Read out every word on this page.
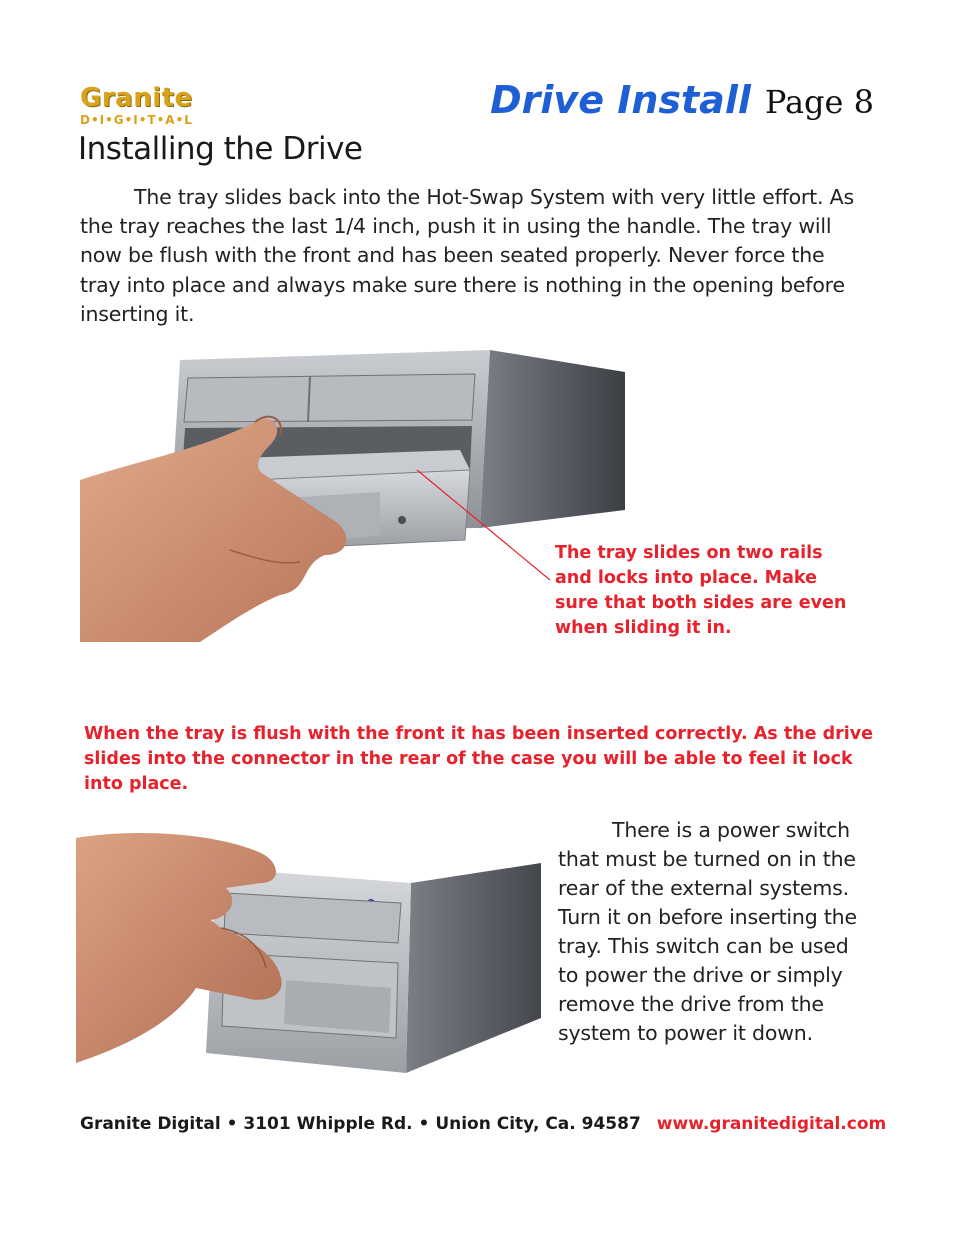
Granite
D•I•G•I•T•A•L	Drive Install Page 8
Installing the Drive

The tray slides back into the Hot-Swap System with very little effort. As the tray reaches the last 1/4 inch, push it in using the handle. The tray will now be flush with the front and has been seated properly. Never force the tray into place and always make sure there is nothing in the opening before inserting it.

The tray slides on two rails and locks into place. Make sure that both sides are even when sliding it in.

When the tray is flush with the front it has been inserted correctly. As the drive slides into the connector in the rear of the case you will be able to feel it lock into place.

There is a power switch that must be turned on in the rear of the external systems. Turn it on before inserting the tray. This switch can be used to power the drive or simply remove the drive from the system to power it down.

Granite Digital • 3101 Whipple Rd. • Union City, Ca. 94587 www.granitedigital.com
